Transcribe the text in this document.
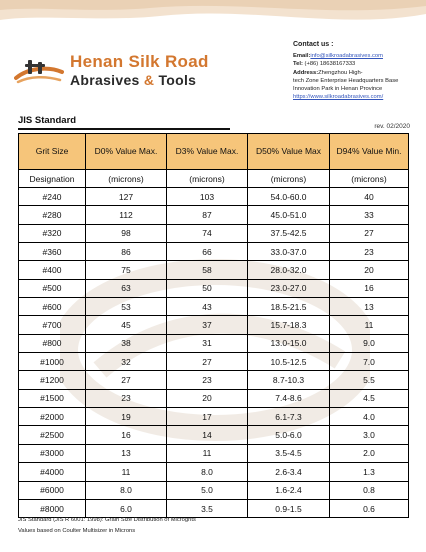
Henan Silk Road
Abrasives & Tools
Contact us :
Email:info@silkroadabrasives.com
Tel: (+86) 18638167333
Address:Zhengzhou High-
tech Zone Enterprise Headquarters Base
Innovation Park in Henan Province
https://www.silkroadabrasives.com/
JIS Standard
rev. 02/2020
Grit Size	D0% Value Max.	D3% Value Max.	D50% Value Max	D94% Value Min.
Designation	(microns)	(microns)	(microns)	(microns)
#240	127	103	54.0-60.0	40
#280	112	87	45.0-51.0	33
#320	98	74	37.5-42.5	27
#360	86	66	33.0-37.0	23
#400	75	58	28.0-32.0	20
#500	63	50	23.0-27.0	16
#600	53	43	18.5-21.5	13
#700	45	37	15.7-18.3	11
#800	38	31	13.0-15.0	9.0
#1000	32	27	10.5-12.5	7.0
#1200	27	23	8.7-10.3	5.5
#1500	23	20	7.4-8.6	4.5
#2000	19	17	6.1-7.3	4.0
#2500	16	14	5.0-6.0	3.0
#3000	13	11	3.5-4.5	2.0
#4000	11	8.0	2.6-3.4	1.3
#6000	8.0	5.0	1.6-2.4	0.8
#8000	6.0	3.5	0.9-1.5	0.6
JIS Standard (JIS R 6001: 1998): Grain Size Distribution of Microgrits
Values based on Coulter Multisizer in Microns
